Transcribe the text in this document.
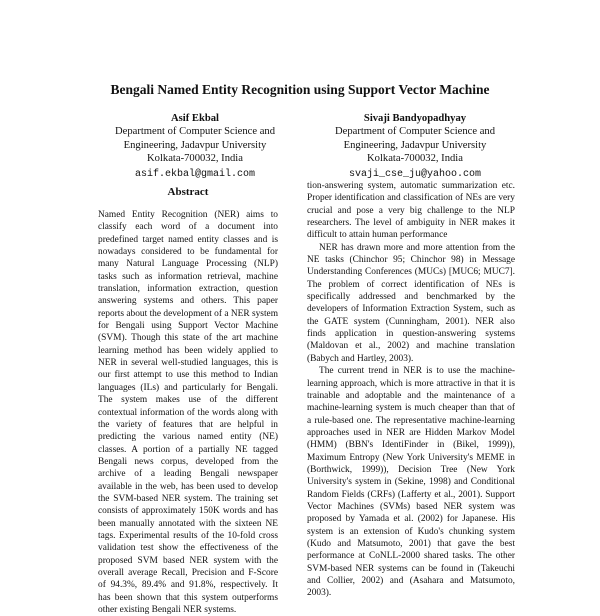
Bengali Named Entity Recognition using Support Vector Machine
Asif Ekbal
Department of Computer Science and
Engineering, Jadavpur University
Kolkata-700032, India
asif.ekbal@gmail.com
Sivaji Bandyopadhyay
Department of Computer Science and
Engineering, Jadavpur University
Kolkata-700032, India
svaji_cse_ju@yahoo.com
Abstract

Named Entity Recognition (NER) aims to classify each word of a document into predefined target named entity classes and is nowadays considered to be fundamental for many Natural Language Processing (NLP) tasks such as information retrieval, machine translation, information extraction, question answering systems and others. This paper reports about the development of a NER system for Bengali using Support Vector Machine (SVM). Though this state of the art machine learning method has been widely applied to NER in several well-studied languages, this is our first attempt to use this method to Indian languages (ILs) and particularly for Bengali. The system makes use of the different contextual information of the words along with the variety of features that are helpful in predicting the various named entity (NE) classes. A portion of a partially NE tagged Bengali news corpus, developed from the archive of a leading Bengali newspaper available in the web, has been used to develop the SVM-based NER system. The training set consists of approximately 150K words and has been manually annotated with the sixteen NE tags. Experimental results of the 10-fold cross validation test show the effectiveness of the proposed SVM based NER system with the overall average Recall, Precision and F-Score of 94.3%, 89.4% and 91.8%, respectively. It has been shown that this system outperforms other existing Bengali NER systems.

tion-answering system, automatic summarization etc. Proper identification and classification of NEs are very crucial and pose a very big challenge to the NLP researchers. The level of ambiguity in NER makes it difficult to attain human performance

NER has drawn more and more attention from the NE tasks (Chinchor 95; Chinchor 98) in Message Understanding Conferences (MUCs) [MUC6; MUC7]. The problem of correct identification of NEs is specifically addressed and benchmarked by the developers of Information Extraction System, such as the GATE system (Cunningham, 2001). NER also finds application in question-answering systems (Maldovan et al., 2002) and machine translation (Babych and Hartley, 2003).

The current trend in NER is to use the machine-learning approach, which is more attractive in that it is trainable and adoptable and the maintenance of a machine-learning system is much cheaper than that of a rule-based one. The representative machine-learning approaches used in NER are Hidden Markov Model (HMM) (BBN's IdentiFinder in (Bikel, 1999)), Maximum Entropy (New York University's MEME in (Borthwick, 1999)), Decision Tree (New York University's system in (Sekine, 1998) and Conditional Random Fields (CRFs) (Lafferty et al., 2001). Support Vector Machines (SVMs) based NER system was proposed by Yamada et al. (2002) for Japanese. His system is an extension of Kudo's chunking system (Kudo and Matsumoto, 2001) that gave the best performance at CoNLL-2000 shared tasks. The other SVM-based NER systems can be found in (Takeuchi and Collier, 2002) and (Asahara and Matsumoto, 2003).
